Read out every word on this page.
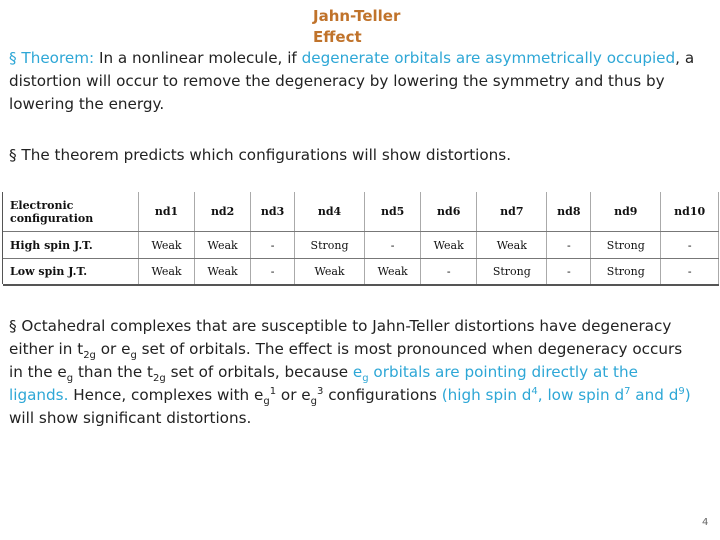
Jahn-Teller
Effect
§ Theorem: In a nonlinear molecule, if degenerate orbitals are asymmetrically occupied, a distortion will occur to remove the degeneracy by lowering the symmetry and thus by lowering the energy.
§ The theorem predicts which configurations will show distortions.
Electronic
configuration	nd1	nd2	nd3	nd4	nd5	nd6	nd7	nd8	nd9	nd10
High spin J.T.	Weak	Weak	-	Strong	-	Weak	Weak	-	Strong	-
Low spin J.T.	Weak	Weak	-	Weak	Weak	-	Strong	-	Strong	-
§ Octahedral complexes that are susceptible to Jahn-Teller distortions have degeneracy either in $t_{2g}$ or $e_g$ set of orbitals. The effect is most pronounced when degeneracy occurs in the $e_g$ than the $t_{2g}$ set of orbitals, because $e_g$ orbitals are pointing directly at the ligands. Hence, complexes with $e_g^1$ or $e_g^3$ configurations (high spin $d^4$, low spin $d^7$ and $d^9$) will show significant distortions.
4
